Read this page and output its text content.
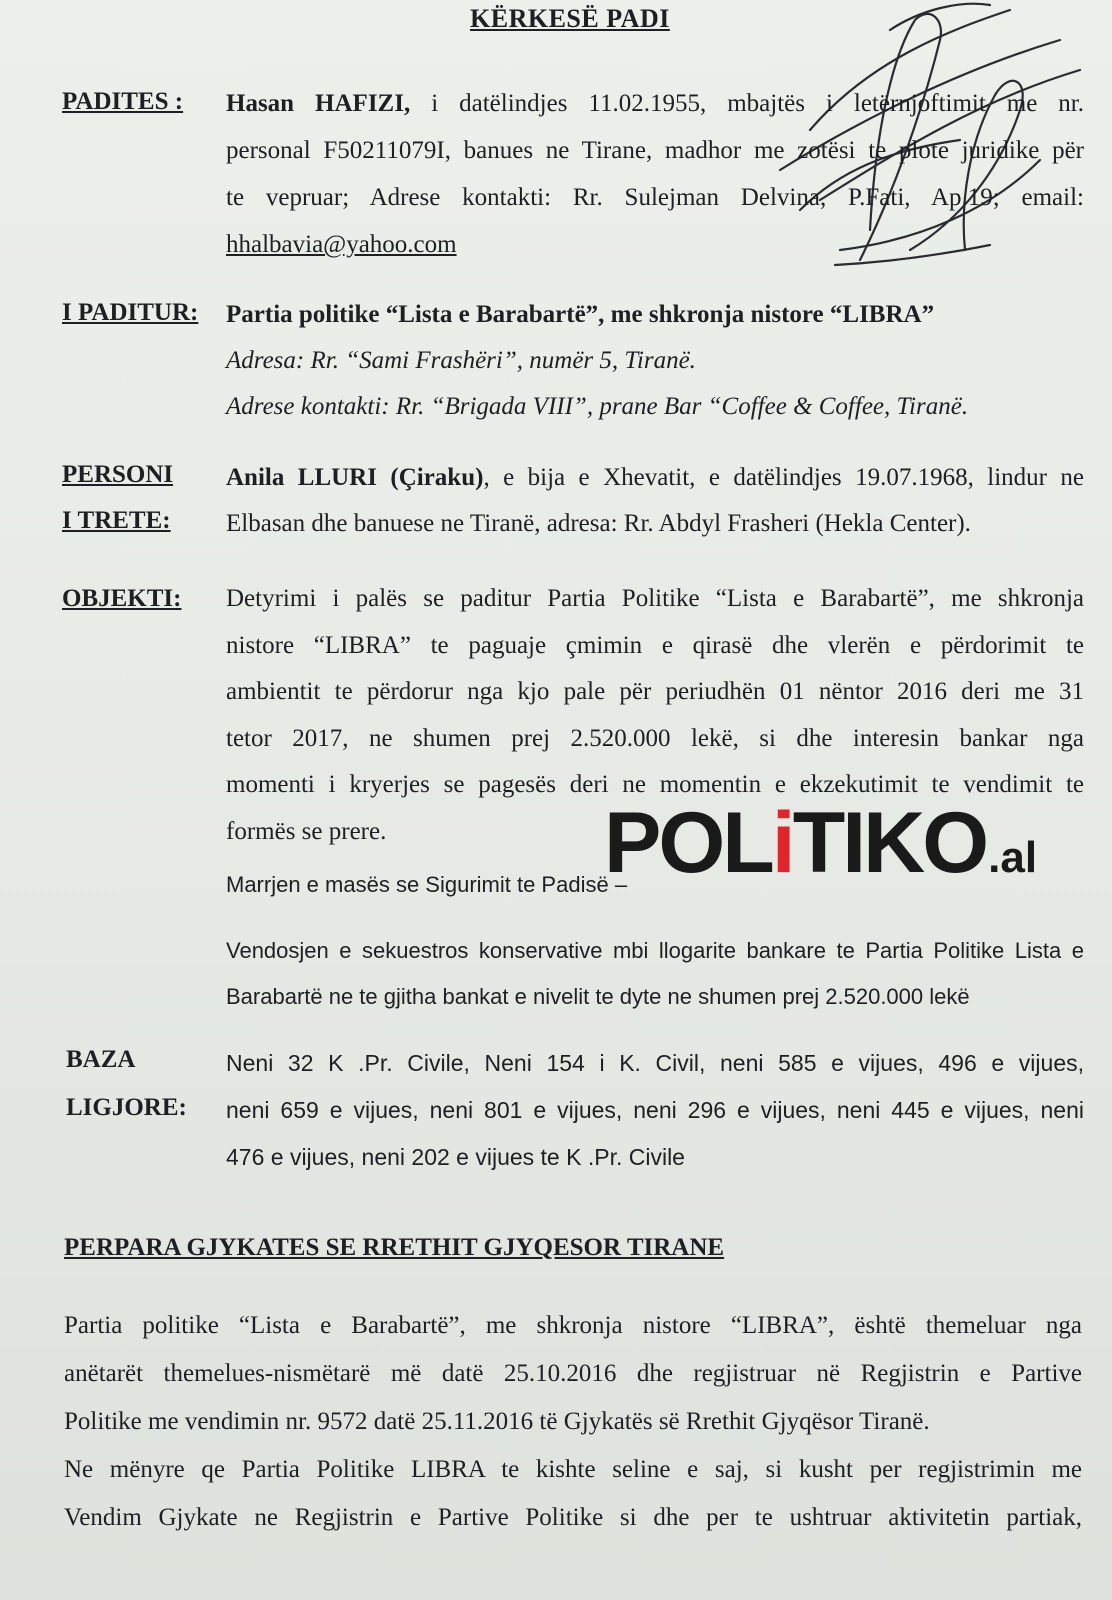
KËRKESË PADI
PADITES : Hasan HAFIZI, i datëlindjes 11.02.1955, mbajtës i letërnjoftimit me nr.
personal F50211079I, banues ne Tirane, madhor me zotësi te plote juridike për
te vepruar; Adrese kontakti: Rr. Sulejman Delvina, P.Fati, Ap.19; email:
hhalbavia@yahoo.com
I PADITUR: Partia politike “Lista e Barabartë”, me shkronja nistore “LIBRA”
Adresa: Rr. “Sami Frashëri”, numër 5, Tiranë.
Adrese kontakti: Rr. “Brigada VIII”, prane Bar “Coffee & Coffee, Tiranë.
PERSONI
I TRETE:
Anila LLURI (Çiraku), e bija e Xhevatit, e datëlindjes 19.07.1968, lindur ne
Elbasan dhe banuese ne Tiranë, adresa: Rr. Abdyl Frasheri (Hekla Center).
OBJEKTI: Detyrimi i palës se paditur Partia Politike “Lista e Barabartë”, me shkronja
nistore “LIBRA” te paguaje çmimin e qirasë dhe vlerën e përdorimit te
ambientit te përdorur nga kjo pale për periudhën 01 nëntor 2016 deri me 31
tetor 2017, ne shumen prej 2.520.000 lekë, si dhe interesin bankar nga
momenti i kryerjes se pagesës deri ne momentin e ekzekutimit te vendimit te
formës se prere.
Marrjen e masës se Sigurimit te Padisë –
Vendosjen e sekuestros konservative mbi llogarite bankare te Partia Politike Lista e
Barabartë ne te gjitha bankat e nivelit te dyte ne shumen prej 2.520.000 lekë
BAZA
LIGJORE:
Neni 32 K .Pr. Civile, Neni 154 i K. Civil, neni 585 e vijues, 496 e vijues,
neni 659 e vijues, neni 801 e vijues, neni 296 e vijues, neni 445 e vijues, neni
476 e vijues, neni 202 e vijues te K .Pr. Civile
PERPARA GJYKATES SE RRETHIT GJYQESOR TIRANE
Partia politike “Lista e Barabartë”, me shkronja nistore “LIBRA”, është themeluar nga
anëtarët themelues-nismëtarë më datë 25.10.2016 dhe regjistruar në Regjistrin e Partive
Politike me vendimin nr. 9572 datë 25.11.2016 të Gjykatës së Rrethit Gjyqësor Tiranë.
Ne mënyre qe Partia Politike LIBRA te kishte seline e saj, si kusht per regjistrimin me
Vendim Gjykate ne Regjistrin e Partive Politike si dhe per te ushtruar aktivitetin partiak,
POLiTIKO.al
